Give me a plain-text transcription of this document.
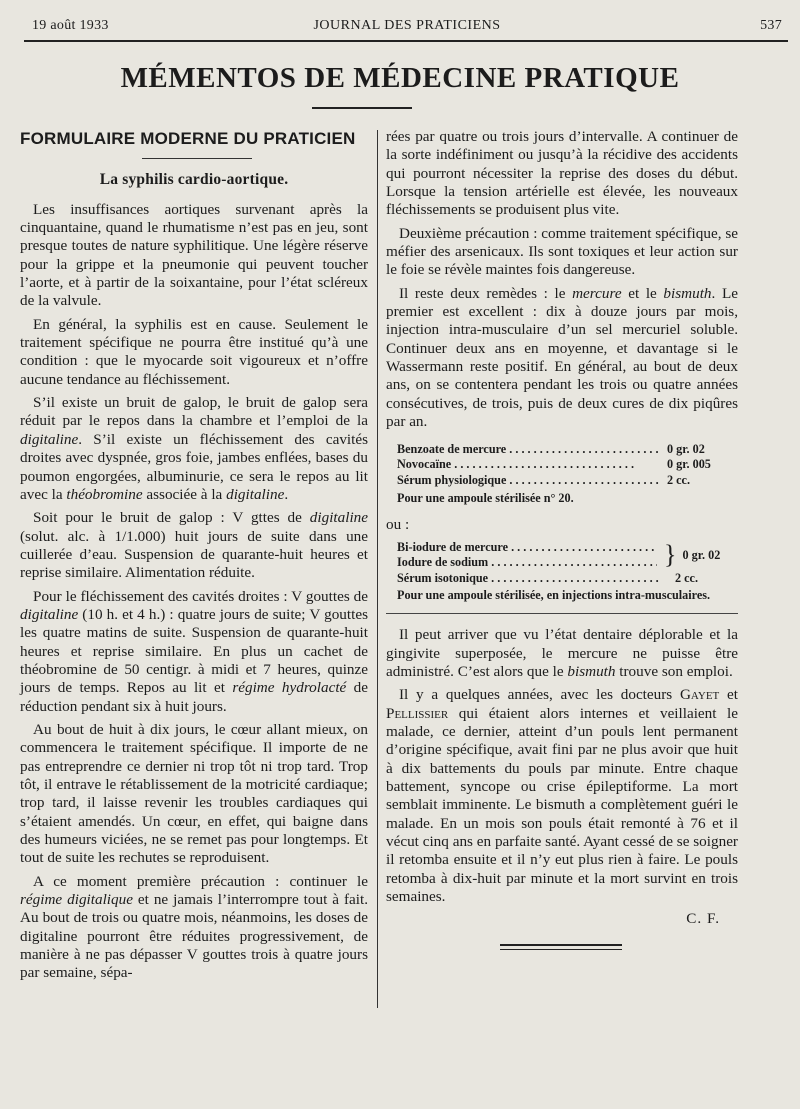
19 août 1933	JOURNAL DES PRATICIENS	537
MÉMENTOS DE MÉDECINE PRATIQUE
FORMULAIRE MODERNE DU PRATICIEN
La syphilis cardio-aortique.

Les insuffisances aortiques survenant après la cinquantaine, quand le rhumatisme n’est pas en jeu, sont presque toutes de nature syphilitique. Une légère réserve pour la grippe et la pneumonie qui peuvent toucher l’aorte, et à partir de la soixantaine, pour l’état scléreux de la valvule.

En général, la syphilis est en cause. Seulement le traitement spécifique ne pourra être institué qu’à une condition : que le myocarde soit vigoureux et n’offre aucune tendance au fléchissement.

S’il existe un bruit de galop, le bruit de galop sera réduit par le repos dans la chambre et l’emploi de la digitaline. S’il existe un fléchissement des cavités droites avec dyspnée, gros foie, jambes enflées, bases du poumon engorgées, albuminurie, ce sera le repos au lit avec la théobromine associée à la digitaline.

Soit pour le bruit de galop : V gttes de digitaline (solut. alc. à 1/1.000) huit jours de suite dans une cuillerée d’eau. Suspension de quarante-huit heures et reprise similaire. Alimentation réduite.

Pour le fléchissement des cavités droites : V gouttes de digitaline (10 h. et 4 h.) : quatre jours de suite; V gouttes les quatre matins de suite. Suspension de quarante-huit heures et reprise similaire. En plus un cachet de théobromine de 50 centigr. à midi et 7 heures, quinze jours de temps. Repos au lit et régime hydrolacté de réduction pendant six à huit jours.

Au bout de huit à dix jours, le cœur allant mieux, on commencera le traitement spécifique. Il importe de ne pas entreprendre ce dernier ni trop tôt ni trop tard. Trop tôt, il entrave le rétablissement de la motricité cardiaque; trop tard, il laisse revenir les troubles cardiaques qui s’étaient amendés. Un cœur, en effet, qui baigne dans des humeurs viciées, ne se remet pas pour longtemps. Et tout de suite les rechutes se reproduisent.

A ce moment première précaution : continuer le régime digitalique et ne jamais l’interrompre tout à fait. Au bout de trois ou quatre mois, néanmoins, les doses de digitaline pourront être réduites progressivement, de manière à ne pas dépasser V gouttes trois à quatre jours par semaine, sépa-

rées par quatre ou trois jours d’intervalle. A continuer de la sorte indéfiniment ou jusqu’à la récidive des accidents qui pourront nécessiter la reprise des doses du début. Lorsque la tension artérielle est élevée, les nouveaux fléchissements se produisent plus vite.

Deuxième précaution : comme traitement spécifique, se méfier des arsenicaux. Ils sont toxiques et leur action sur le foie se révèle maintes fois dangereuse.

Il reste deux remèdes : le mercure et le bismuth. Le premier est excellent : dix à douze jours par mois, injection intra-musculaire d’un sel mercuriel soluble. Continuer deux ans en moyenne, et davantage si le Wassermann reste positif. En général, au bout de deux ans, on se contentera pendant les trois ou quatre années consécutives, de trois, puis de deux cures de dix piqûres par an.

Benzoate de mercure . . .	0 gr. 02
Novocaïne . . .	0 gr. 005
Sérum physiologique . . .	2 cc.
Pour une ampoule stérilisée n° 20.
ou :
Bi-iodure de mercure . . .
Iodure de sodium . . .	} 0 gr. 02
Sérum isotonique . . .	2 cc.
Pour une ampoule stérilisée, en injections intra-musculaires.

Il peut arriver que vu l’état dentaire déplorable et la gingivite superposée, le mercure ne puisse être administré. C’est alors que le bismuth trouve son emploi.

Il y a quelques années, avec les docteurs Gayet et Pellissier qui étaient alors internes et veillaient le malade, ce dernier, atteint d’un pouls lent permanent d’origine spécifique, avait fini par ne plus avoir que huit à dix battements du pouls par minute. Entre chaque battement, syncope ou crise épileptiforme. La mort semblait imminente. Le bismuth a complètement guéri le malade. En un mois son pouls était remonté à 76 et il vécut cinq ans en parfaite santé. Ayant cessé de se soigner il retomba ensuite et il n’y eut plus rien à faire. Le pouls retomba à dix-huit par minute et la mort survint en trois semaines.

C. F.
